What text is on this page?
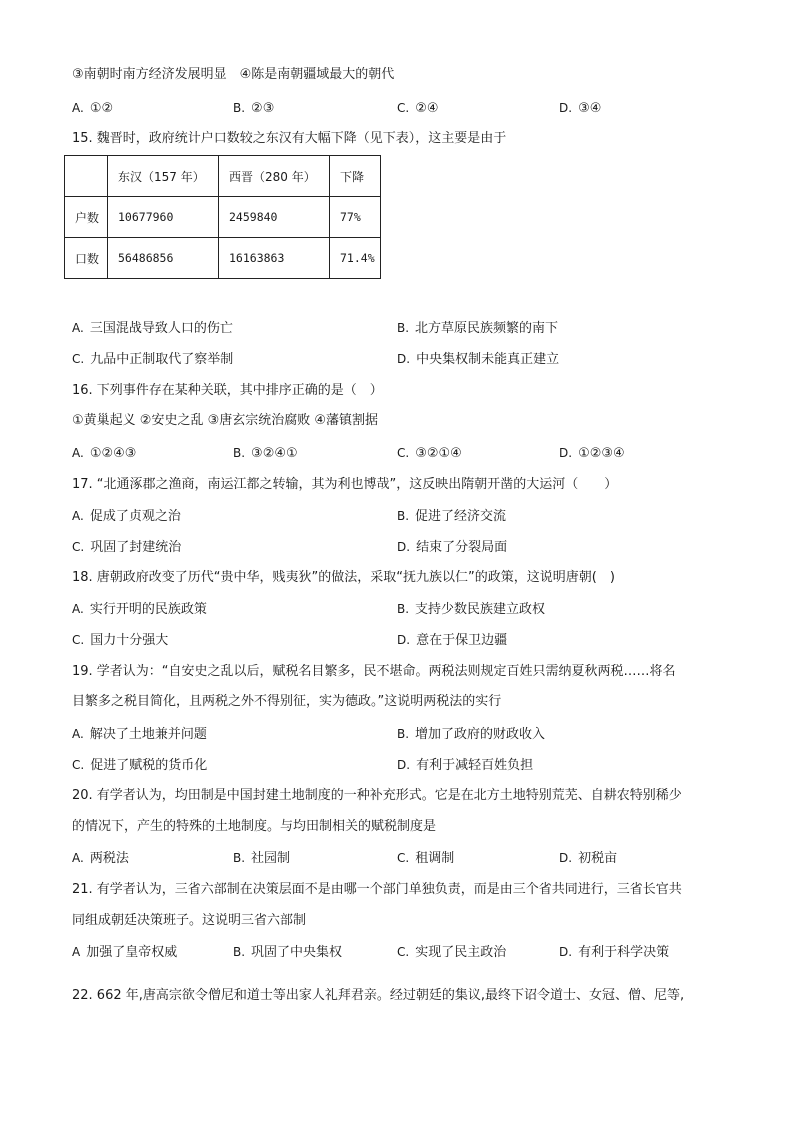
③南朝时南方经济发展明显　④陈是南朝疆域最大的朝代
A. ①②	B. ②③	C. ②④	D. ③④
15. 魏晋时，政府统计户口数较之东汉有大幅下降（见下表），这主要是由于
	东汉（157 年）	西晋（280 年）	下降
户数	10677960	2459840	77%
口数	56486856	16163863	71.4%
A. 三国混战导致人口的伤亡	B. 北方草原民族频繁的南下
C. 九品中正制取代了察举制	D. 中央集权制未能真正建立
16. 下列事件存在某种关联，其中排序正确的是（　）
①黄巢起义 ②安史之乱 ③唐玄宗统治腐败 ④藩镇割据
A. ①②④③	B. ③②④①	C. ③②①④	D. ①②③④
17. “北通涿郡之渔商，南运江都之转输，其为利也博哉”，这反映出隋朝开凿的大运河（　　）
A. 促成了贞观之治	B. 促进了经济交流
C. 巩固了封建统治	D. 结束了分裂局面
18. 唐朝政府改变了历代“贵中华，贱夷狄”的做法，采取“抚九族以仁”的政策，这说明唐朝(　)
A. 实行开明的民族政策	B. 支持少数民族建立政权
C. 国力十分强大	D. 意在于保卫边疆
19. 学者认为：“自安史之乱以后，赋税名目繁多，民不堪命。两税法则规定百姓只需纳夏秋两税……将名
目繁多之税目简化，且两税之外不得别征，实为德政。”这说明两税法的实行
A. 解决了土地兼并问题	B. 增加了政府的财政收入
C. 促进了赋税的货币化	D. 有利于减轻百姓负担
20. 有学者认为，均田制是中国封建土地制度的一种补充形式。它是在北方土地特别荒芜、自耕农特别稀少
的情况下，产生的特殊的土地制度。与均田制相关的赋税制度是
A. 两税法	B. 社园制	C. 租调制	D. 初税亩
21. 有学者认为，三省六部制在决策层面不是由哪一个部门单独负责，而是由三个省共同进行，三省长官共
同组成朝廷决策班子。这说明三省六部制
A 加强了皇帝权威	B. 巩固了中央集权	C. 实现了民主政治	D. 有利于科学决策
22. 662 年,唐高宗欲令僧尼和道士等出家人礼拜君亲。经过朝廷的集议,最终下诏令道士、女冠、僧、尼等,
